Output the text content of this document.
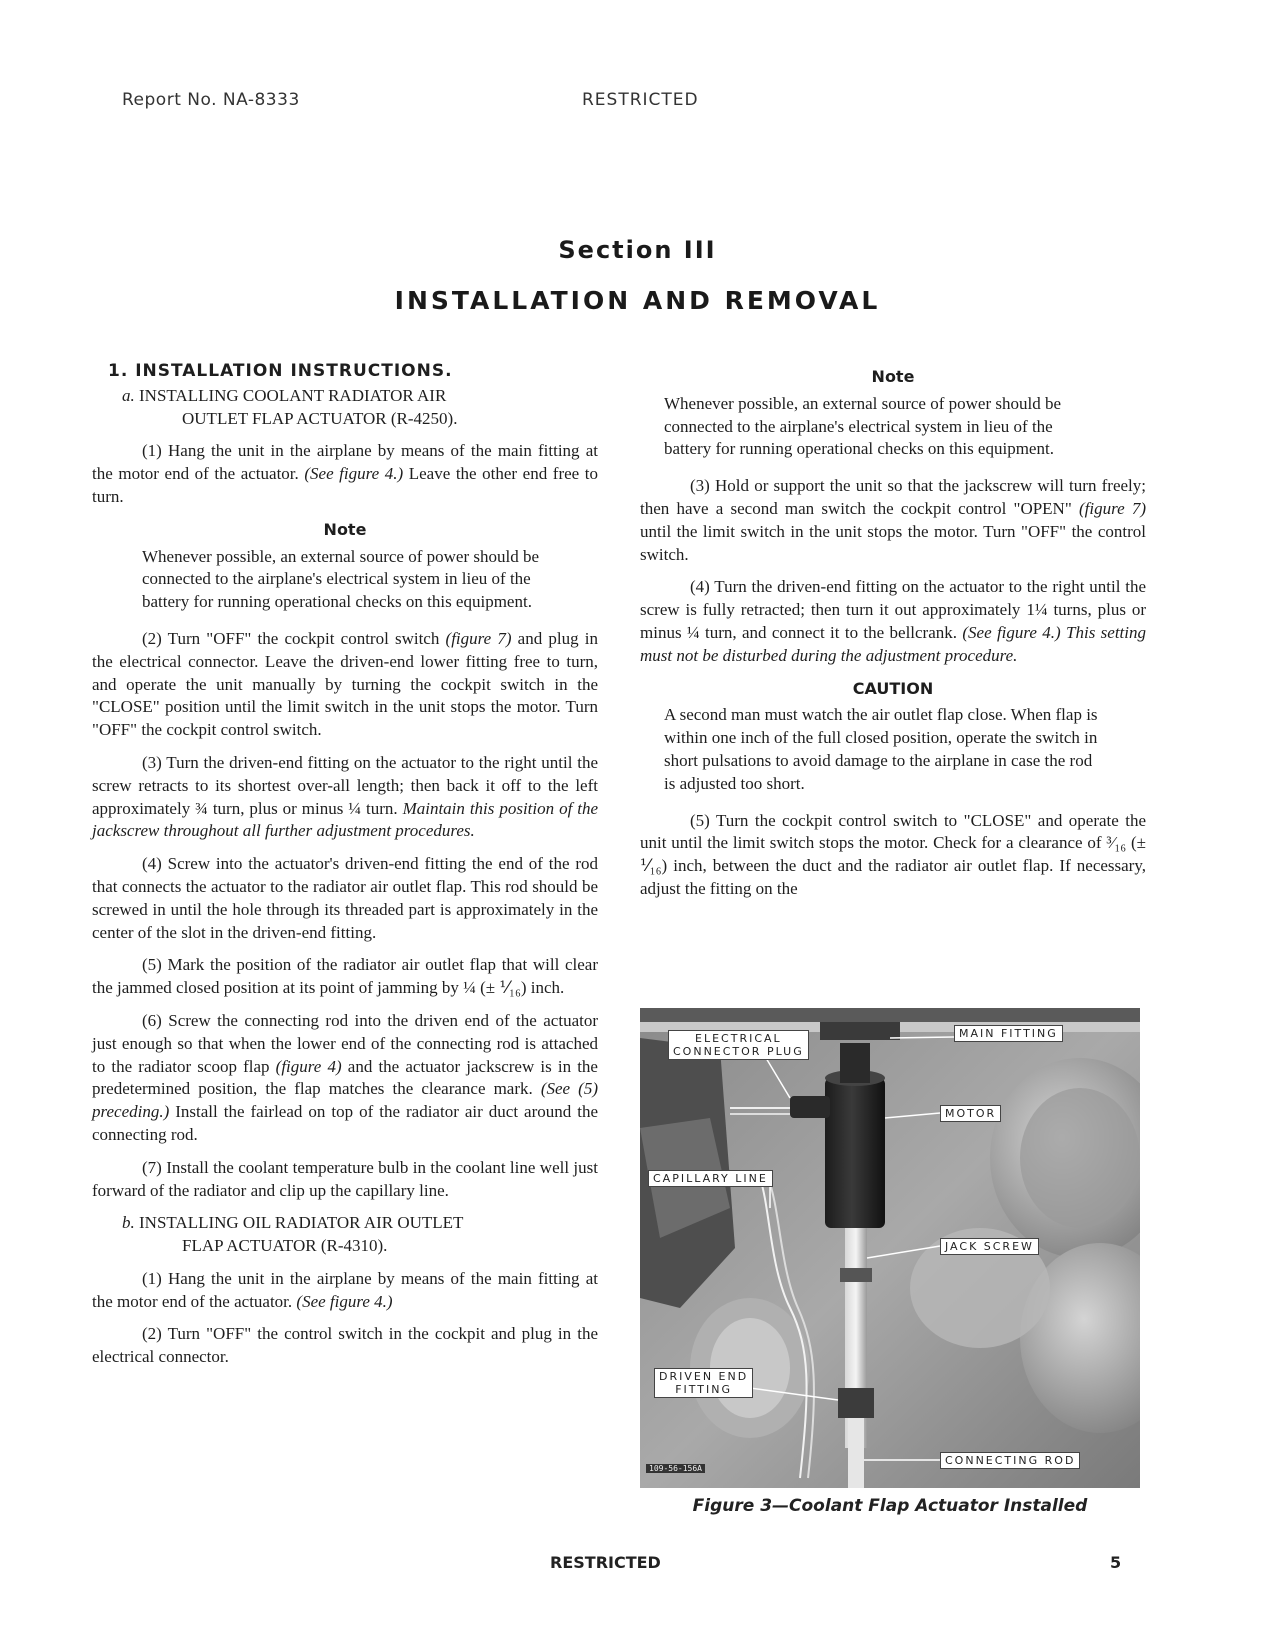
Report No. NA-8333	RESTRICTED
Section III
INSTALLATION AND REMOVAL
1. INSTALLATION INSTRUCTIONS.
a. INSTALLING COOLANT RADIATOR AIR
OUTLET FLAP ACTUATOR (R-4250).

(1) Hang the unit in the airplane by means of the main fitting at the motor end of the actuator. (See figure 4.) Leave the other end free to turn.

Note
Whenever possible, an external source of power should be connected to the airplane's electrical system in lieu of the battery for running operational checks on this equipment.

(2) Turn "OFF" the cockpit control switch (figure 7) and plug in the electrical connector. Leave the driven-end lower fitting free to turn, and operate the unit manually by turning the cockpit switch in the "CLOSE" position until the limit switch in the unit stops the motor. Turn "OFF" the cockpit control switch.

(3) Turn the driven-end fitting on the actuator to the right until the screw retracts to its shortest over-all length; then back it off to the left approximately ¾ turn, plus or minus ¼ turn. Maintain this position of the jackscrew throughout all further adjustment procedures.

(4) Screw into the actuator's driven-end fitting the end of the rod that connects the actuator to the radiator air outlet flap. This rod should be screwed in until the hole through its threaded part is approximately in the center of the slot in the driven-end fitting.

(5) Mark the position of the radiator air outlet flap that will clear the jammed closed position at its point of jamming by ¼ (± ⅟₁₆) inch.

(6) Screw the connecting rod into the driven end of the actuator just enough so that when the lower end of the connecting rod is attached to the radiator scoop flap (figure 4) and the actuator jackscrew is in the predetermined position, the flap matches the clearance mark. (See (5) preceding.) Install the fairlead on top of the radiator air duct around the connecting rod.

(7) Install the coolant temperature bulb in the coolant line well just forward of the radiator and clip up the capillary line.

b. INSTALLING OIL RADIATOR AIR OUTLET
FLAP ACTUATOR (R-4310).

(1) Hang the unit in the airplane by means of the main fitting at the motor end of the actuator. (See figure 4.)

(2) Turn "OFF" the control switch in the cockpit and plug in the electrical connector.

Note
Whenever possible, an external source of power should be connected to the airplane's electrical system in lieu of the battery for running operational checks on this equipment.

(3) Hold or support the unit so that the jackscrew will turn freely; then have a second man switch the cockpit control "OPEN" (figure 7) until the limit switch in the unit stops the motor. Turn "OFF" the control switch.

(4) Turn the driven-end fitting on the actuator to the right until the screw is fully retracted; then turn it out approximately 1¼ turns, plus or minus ¼ turn, and connect it to the bellcrank. (See figure 4.) This setting must not be disturbed during the adjustment procedure.

CAUTION
A second man must watch the air outlet flap close. When flap is within one inch of the full closed position, operate the switch in short pulsations to avoid damage to the airplane in case the rod is adjusted too short.

(5) Turn the cockpit control switch to "CLOSE" and operate the unit until the limit switch stops the motor. Check for a clearance of ³⁄₁₆ (± ⅟₁₆) inch, between the duct and the radiator air outlet flap. If necessary, adjust the fitting on the

MAIN FITTING
ELECTRICAL
CONNECTOR PLUG
MOTOR
CAPILLARY LINE
JACK SCREW
DRIVEN END
FITTING
CONNECTING ROD
109-56-156A
Figure 3—Coolant Flap Actuator Installed
RESTRICTED	5
